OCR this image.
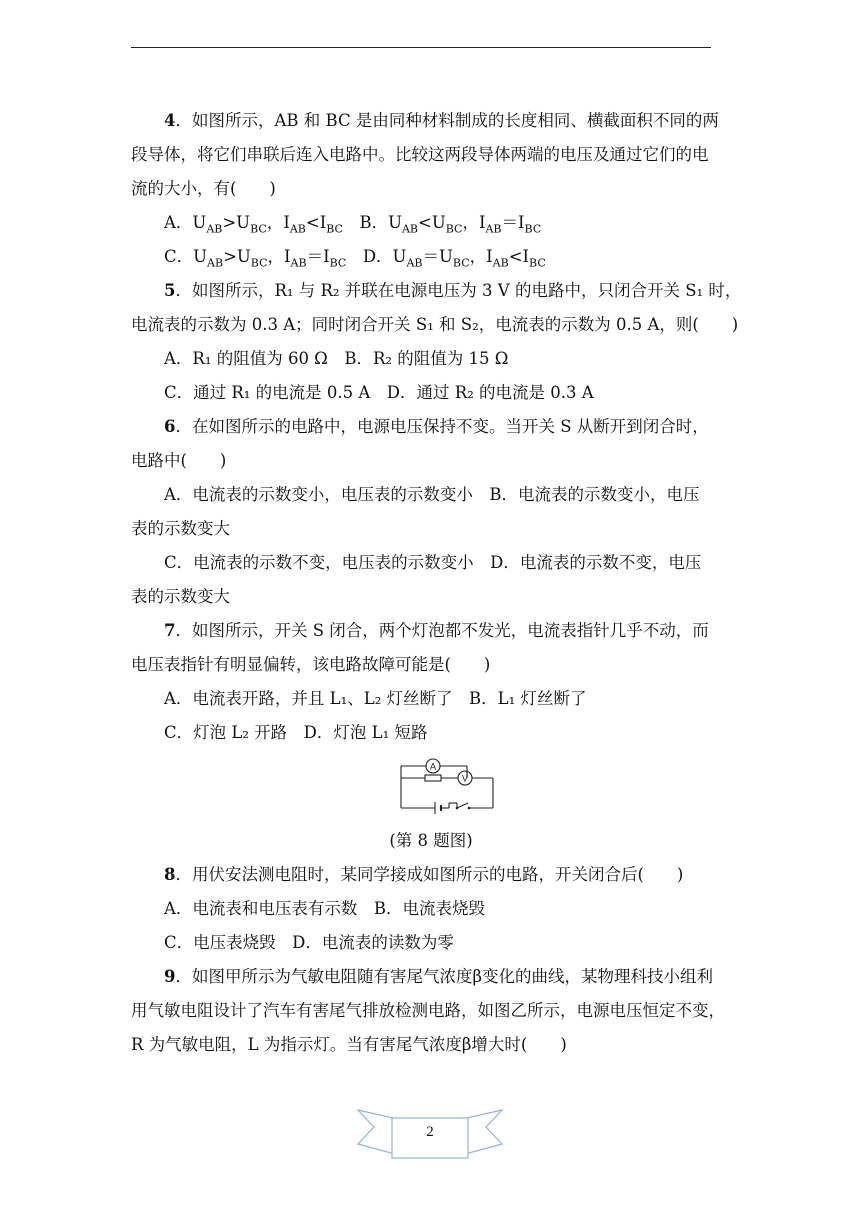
4．如图所示，AB 和 BC 是由同种材料制成的长度相同、横截面积不同的两
段导体，将它们串联后连入电路中。比较这两段导体两端的电压及通过它们的电
流的大小，有(　　)
A．$U_{AB}>U_{BC}$，$I_{AB}<I_{BC}$　B．$U_{AB}<U_{BC}$，$I_{AB}=I_{BC}$
C．$U_{AB}>U_{BC}$，$I_{AB}=I_{BC}$　D．$U_{AB}=U_{BC}$，$I_{AB}<I_{BC}$
5．如图所示，R₁ 与 R₂ 并联在电源电压为 3 V 的电路中，只闭合开关 S₁ 时，
电流表的示数为 0.3 A；同时闭合开关 S₁ 和 S₂，电流表的示数为 0.5 A，则(　　)
A．R₁ 的阻值为 60 Ω　B．R₂ 的阻值为 15 Ω
C．通过 R₁ 的电流是 0.5 A　D．通过 R₂ 的电流是 0.3 A
6．在如图所示的电路中，电源电压保持不变。当开关 S 从断开到闭合时，
电路中(　　)
A．电流表的示数变小，电压表的示数变小　B．电流表的示数变小，电压
表的示数变大
C．电流表的示数不变，电压表的示数变小　D．电流表的示数不变，电压
表的示数变大
7．如图所示，开关 S 闭合，两个灯泡都不发光，电流表指针几乎不动，而
电压表指针有明显偏转，该电路故障可能是(　　)
A．电流表开路，并且 L₁、L₂ 灯丝断了　B．L₁ 灯丝断了
C．灯泡 L₂ 开路　D．灯泡 L₁ 短路
A
V
(第 8 题图)
8．用伏安法测电阻时，某同学接成如图所示的电路，开关闭合后(　　)
A．电流表和电压表有示数　B．电流表烧毁
C．电压表烧毁　D．电流表的读数为零
9．如图甲所示为气敏电阻随有害尾气浓度β变化的曲线，某物理科技小组利
用气敏电阻设计了汽车有害尾气排放检测电路，如图乙所示，电源电压恒定不变，
R 为气敏电阻，L 为指示灯。当有害尾气浓度β增大时(　　)
2
